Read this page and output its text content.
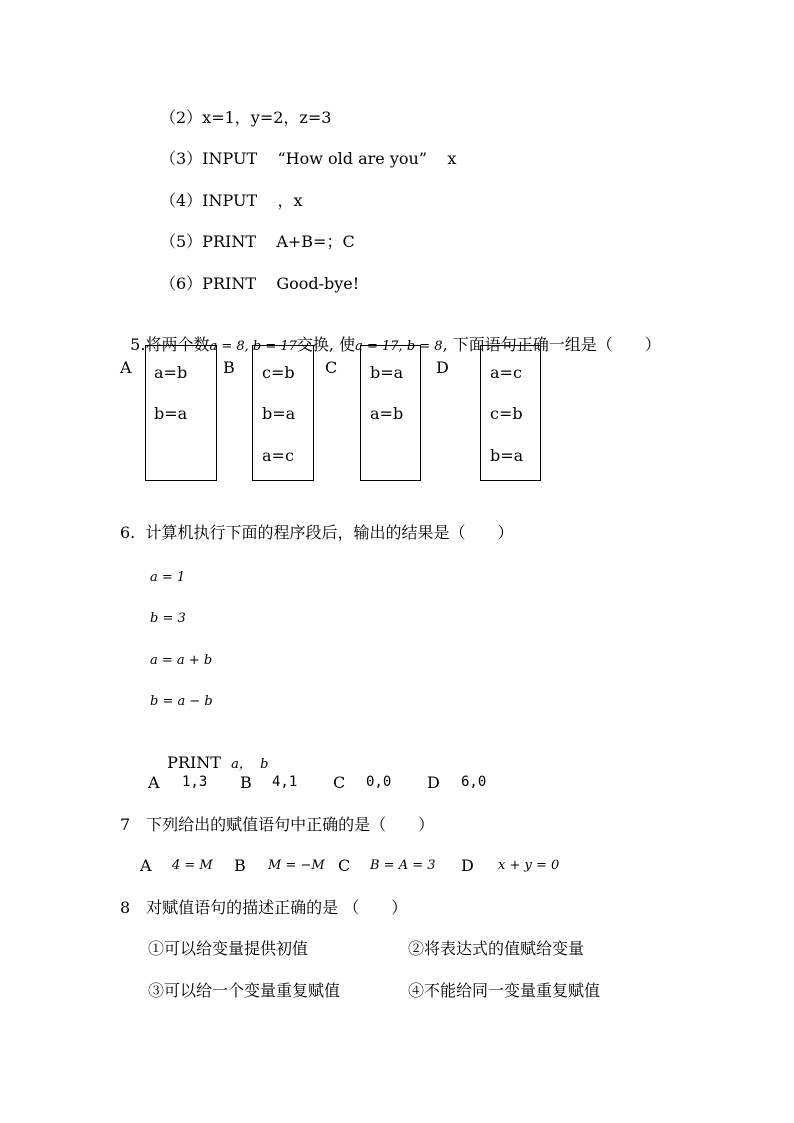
（2）x=1，y=2，z=3
（3）INPUT    “How old are you”    x
（4）INPUT    ，x
（5）PRINT    A+B=；C
（6）PRINT    Good-bye!

5.将两个数a = 8, b = 17交换, 使a = 17, b = 8, 下面语句正确一组是（　　）

A a=b
b=a
B c=b
b=a
a=c
C b=a
a=b
D	a=c
c=b
b=a
6.  计算机执行下面的程序段后，输出的结果是（　　）
a = 1
b = 3
a = a + b
b = a − b

PRINT a，  b

A 1,3 B 4,1 C 0,0 D 6,0
7　下列给出的赋值语句中正确的是（　　）
A 4 = M B M = −M C B = A = 3 D x + y = 0
8　对赋值语句的描述正确的是 （　　）
①可以给变量提供初值	②将表达式的值赋给变量
③可以给一个变量重复赋值	④不能给同一变量重复赋值
